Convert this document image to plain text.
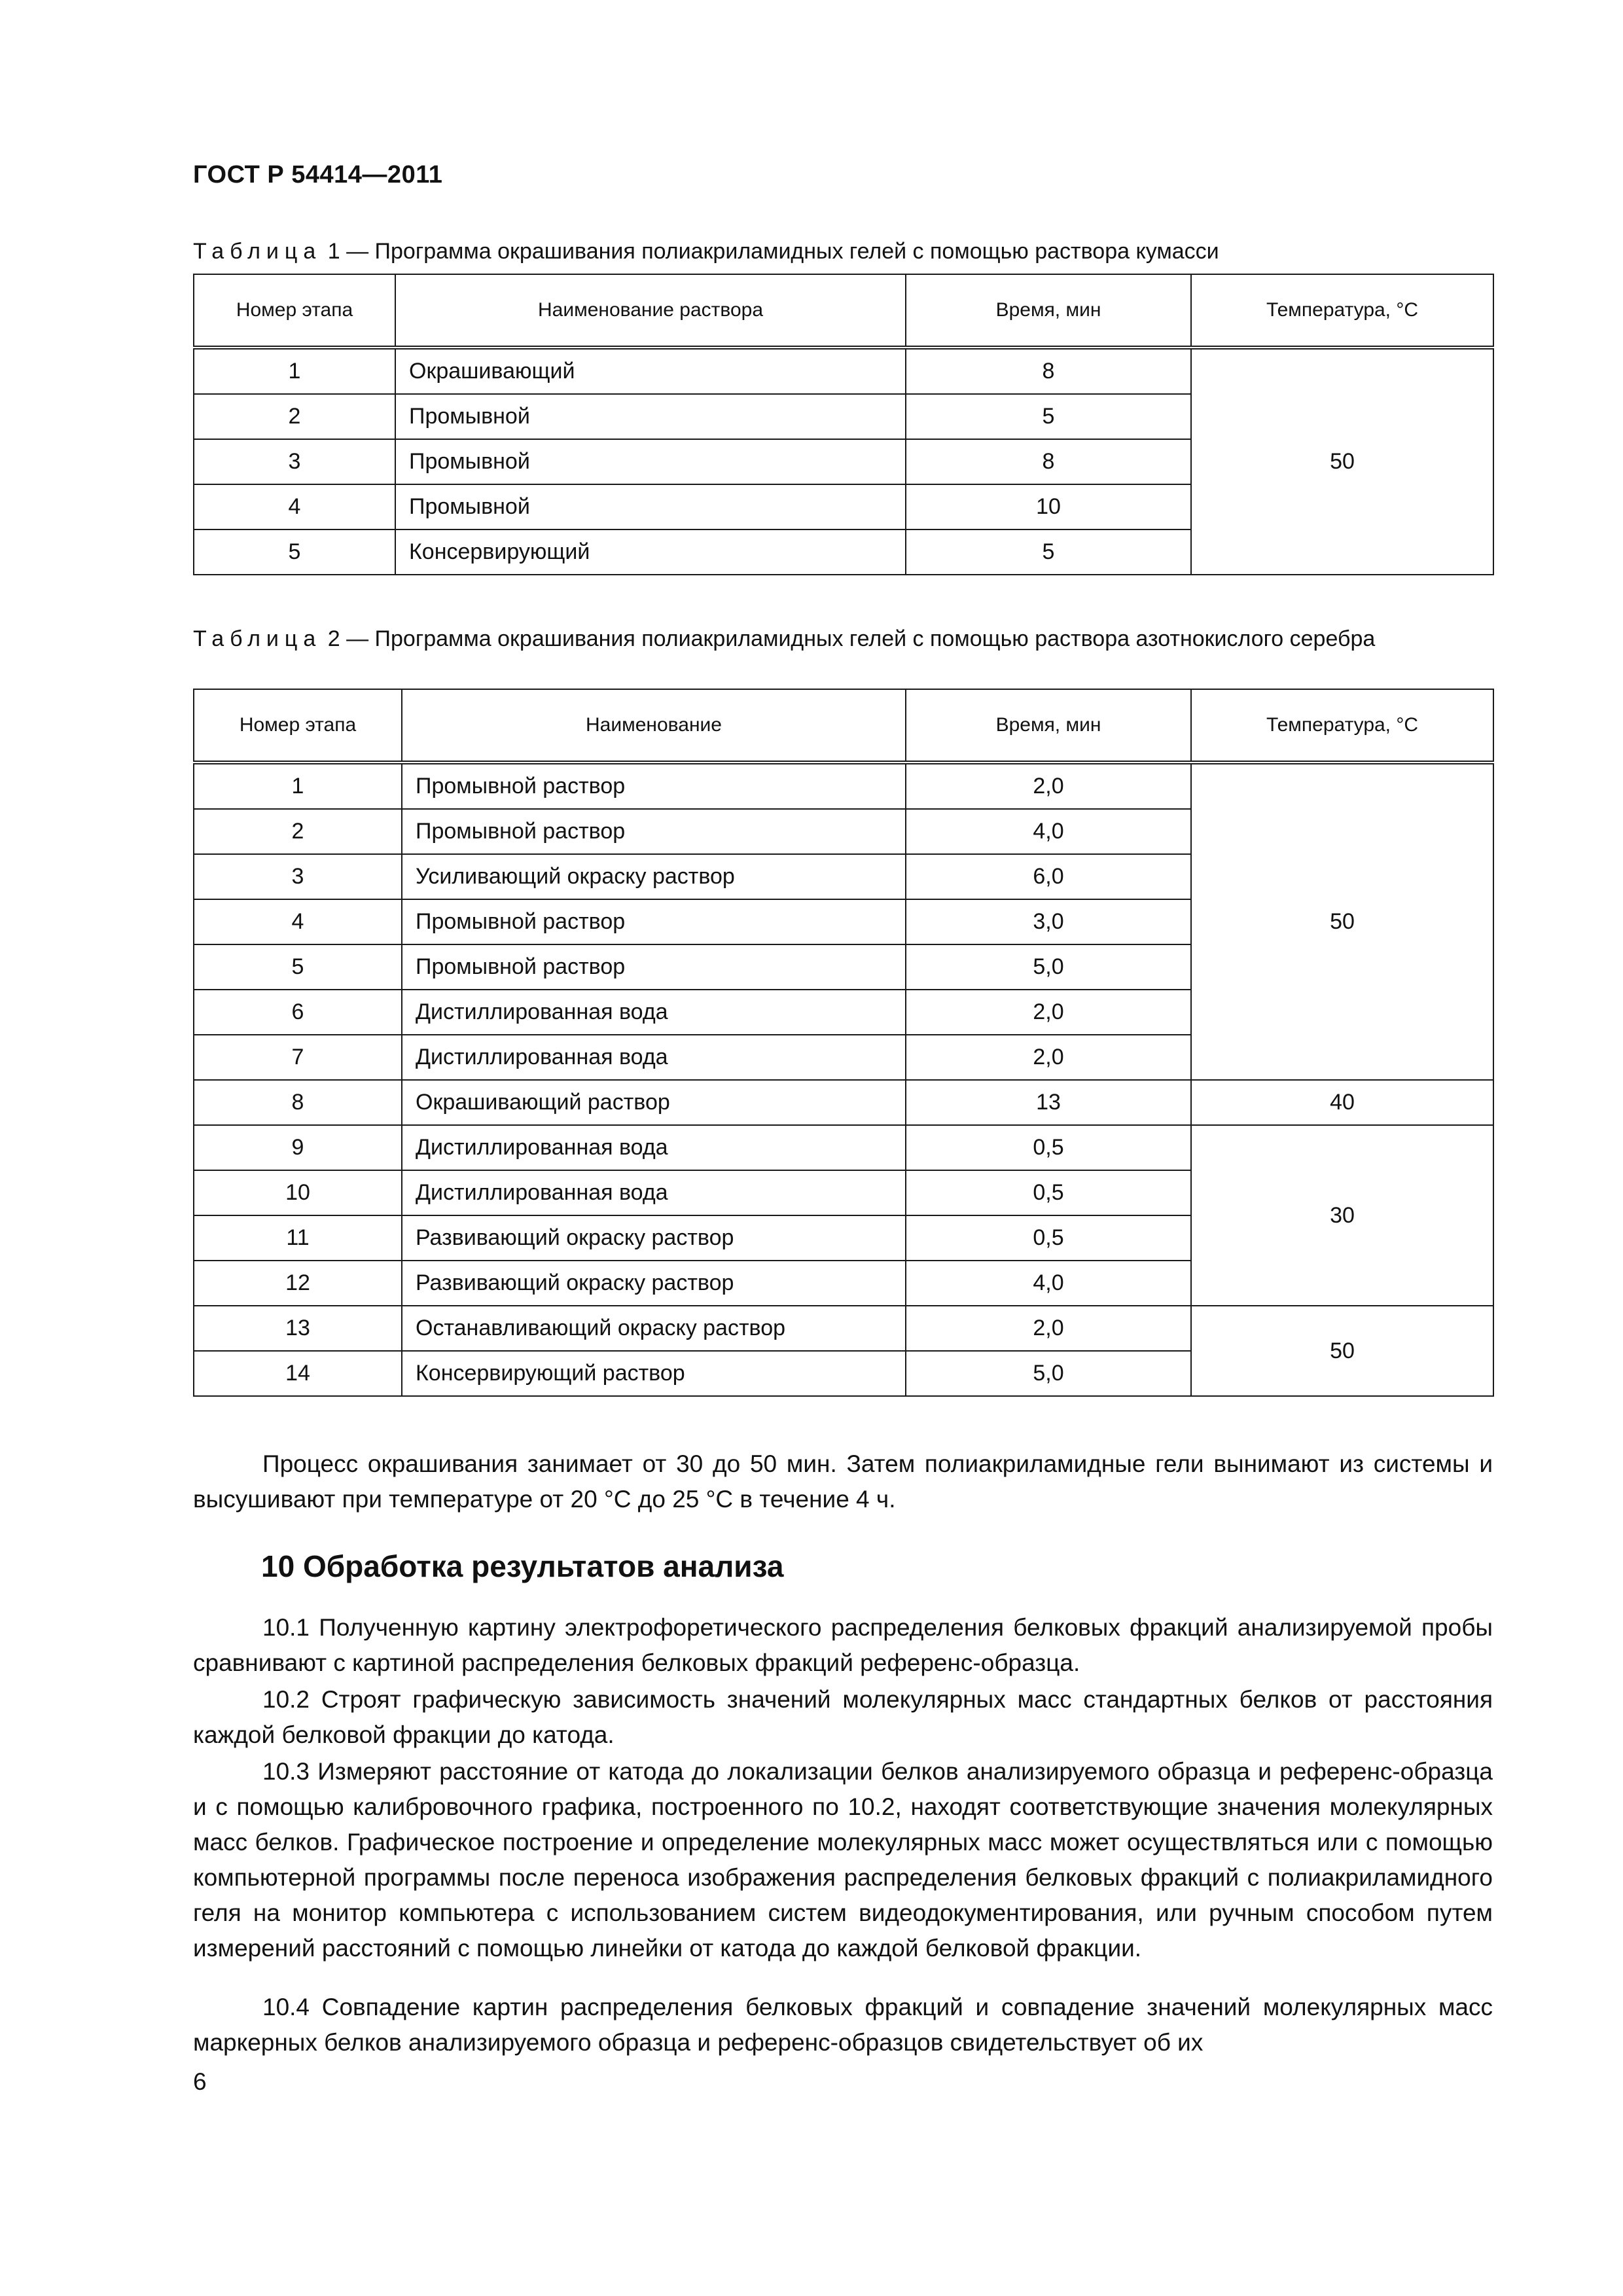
ГОСТ Р 54414—2011
Таблица 1 — Программа окрашивания полиакриламидных гелей с помощью раствора кумасси
Номер этапа	Наименование раствора	Время, мин	Температура, °С
1	Окрашивающий	8	50
2	Промывной	5	
3	Промывной	8	
4	Промывной	10	
5	Консервирующий	5	
Таблица 2 — Программа окрашивания полиакриламидных гелей с помощью раствора азотнокислого серебра
Номер этапа	Наименование	Время, мин	Температура, °С
1	Промывной раствор	2,0	50
2	Промывной раствор	4,0	
3	Усиливающий окраску раствор	6,0	
4	Промывной раствор	3,0	
5	Промывной раствор	5,0	
6	Дистиллированная вода	2,0	
7	Дистиллированная вода	2,0	
8	Окрашивающий раствор	13	40
9	Дистиллированная вода	0,5	30
10	Дистиллированная вода	0,5	
11	Развивающий окраску раствор	0,5	
12	Развивающий окраску раствор	4,0	
13	Останавливающий окраску раствор	2,0	50
14	Консервирующий раствор	5,0	

Процесс окрашивания занимает от 30 до 50 мин. Затем полиакриламидные гели вынимают из системы и высушивают при температуре от 20 °С до 25 °С в течение 4 ч.

10 Обработка результатов анализа

10.1 Полученную картину электрофоретического распределения белковых фракций анализируемой пробы сравнивают с картиной распределения белковых фракций референс-образца.

10.2 Строят графическую зависимость значений молекулярных масс стандартных белков от расстояния каждой белковой фракции до катода.

10.3 Измеряют расстояние от катода до локализации белков анализируемого образца и референс-образца и с помощью калибровочного графика, построенного по 10.2, находят соответствующие значения молекулярных масс белков. Графическое построение и определение молекулярных масс может осуществляться или с помощью компьютерной программы после переноса изображения распределения белковых фракций с полиакриламидного геля на монитор компьютера с использованием систем видеодокументирования, или ручным способом путем измерений расстояний с помощью линейки от катода до каждой белковой фракции.

10.4 Совпадение картин распределения белковых фракций и совпадение значений молекулярных масс маркерных белков анализируемого образца и референс-образцов свидетельствует об их

6
